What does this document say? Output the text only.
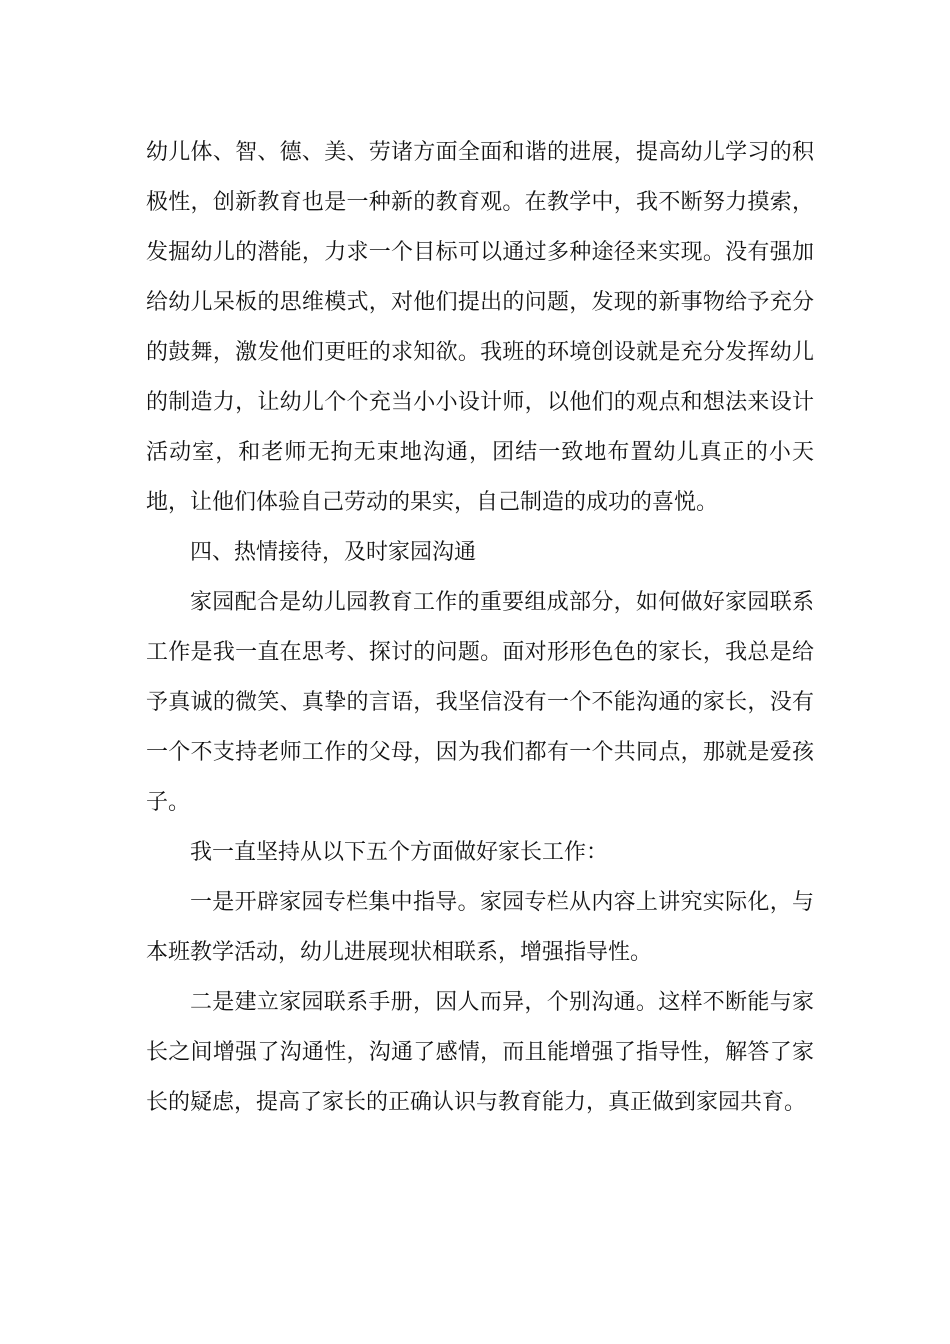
幼儿体、智、德、美、劳诸方面全面和谐的进展，提高幼儿学习的积极性，创新教育也是一种新的教育观。在教学中，我不断努力摸索，发掘幼儿的潜能，力求一个目标可以通过多种途径来实现。没有强加给幼儿呆板的思维模式，对他们提出的问题，发现的新事物给予充分的鼓舞，激发他们更旺的求知欲。我班的环境创设就是充分发挥幼儿的制造力，让幼儿个个充当小小设计师，以他们的观点和想法来设计活动室，和老师无拘无束地沟通，团结一致地布置幼儿真正的小天地，让他们体验自己劳动的果实，自己制造的成功的喜悦。

四、热情接待，及时家园沟通

家园配合是幼儿园教育工作的重要组成部分，如何做好家园联系工作是我一直在思考、探讨的问题。面对形形色色的家长，我总是给予真诚的微笑、真挚的言语，我坚信没有一个不能沟通的家长，没有一个不支持老师工作的父母，因为我们都有一个共同点，那就是爱孩子。

我一直坚持从以下五个方面做好家长工作：

一是开辟家园专栏集中指导。家园专栏从内容上讲究实际化，与本班教学活动，幼儿进展现状相联系，增强指导性。

二是建立家园联系手册，因人而异，个别沟通。这样不断能与家长之间增强了沟通性，沟通了感情，而且能增强了指导性，解答了家长的疑虑，提高了家长的正确认识与教育能力，真正做到家园共育。
